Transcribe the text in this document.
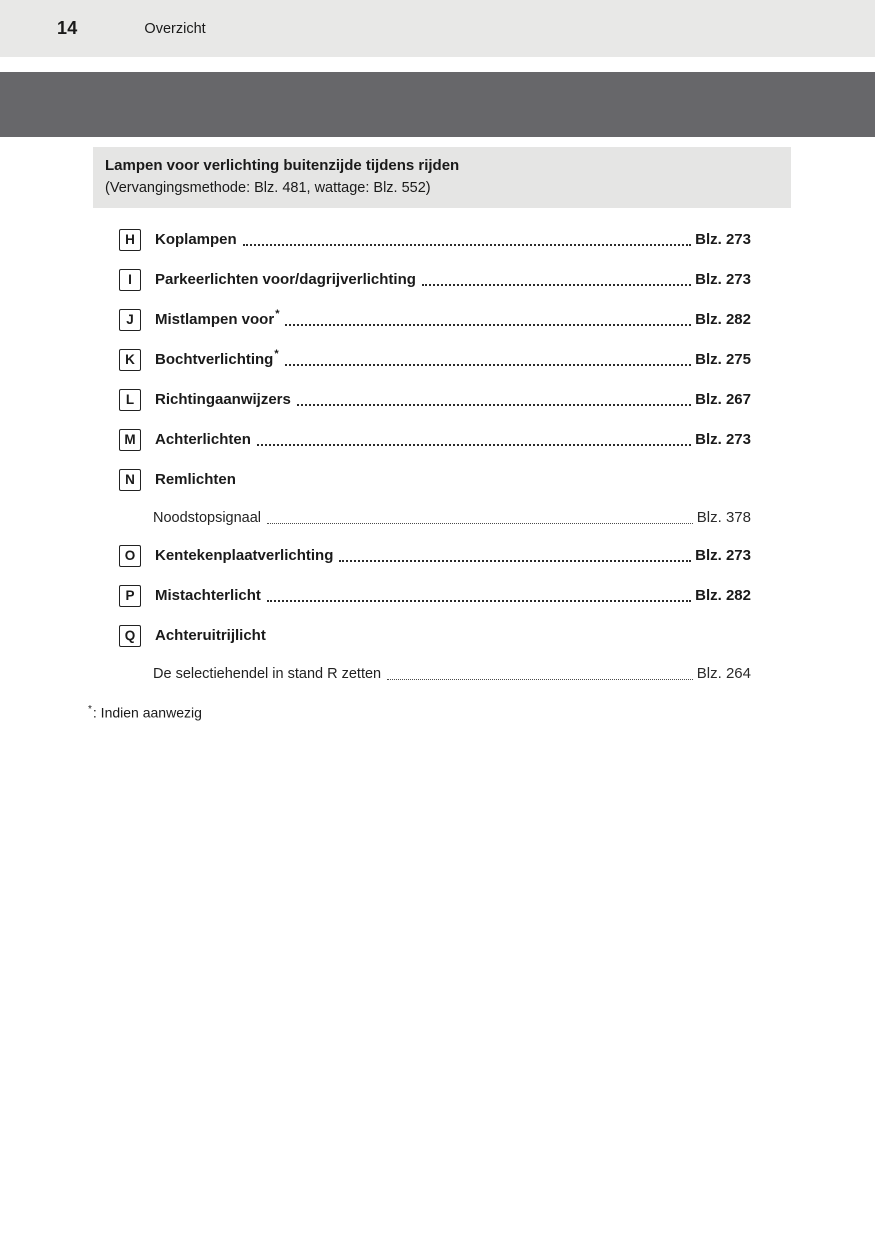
14	Overzicht
Lampen voor verlichting buitenzijde tijdens rijden
(Vervangingsmethode: Blz. 481, wattage: Blz. 552)
H	Koplampen	Blz. 273
I	Parkeerlichten voor/dagrijverlichting	Blz. 273
J	Mistlampen voor *	Blz. 282
K	Bochtverlichting *	Blz. 275
L	Richtingaanwijzers	Blz. 267
M	Achterlichten	Blz. 273
N	Remlichten
Noodstopsignaal	Blz. 378
O	Kentekenplaatverlichting	Blz. 273
P	Mistachterlicht	Blz. 282
Q	Achteruitrijlicht
De selectiehendel in stand R zetten	Blz. 264
*: Indien aanwezig
